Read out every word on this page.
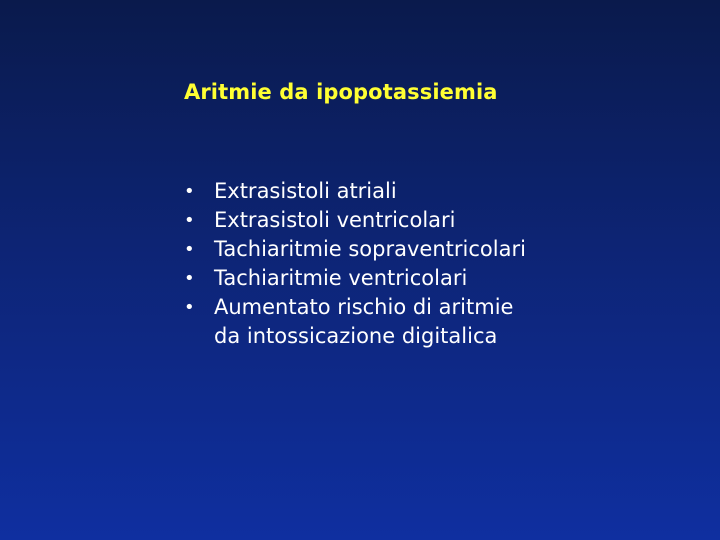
Aritmie da ipopotassiemia
• Extrasistoli atriali
• Extrasistoli ventricolari
• Tachiaritmie sopraventricolari
• Tachiaritmie ventricolari
• Aumentato rischio di aritmie
da intossicazione digitalica
